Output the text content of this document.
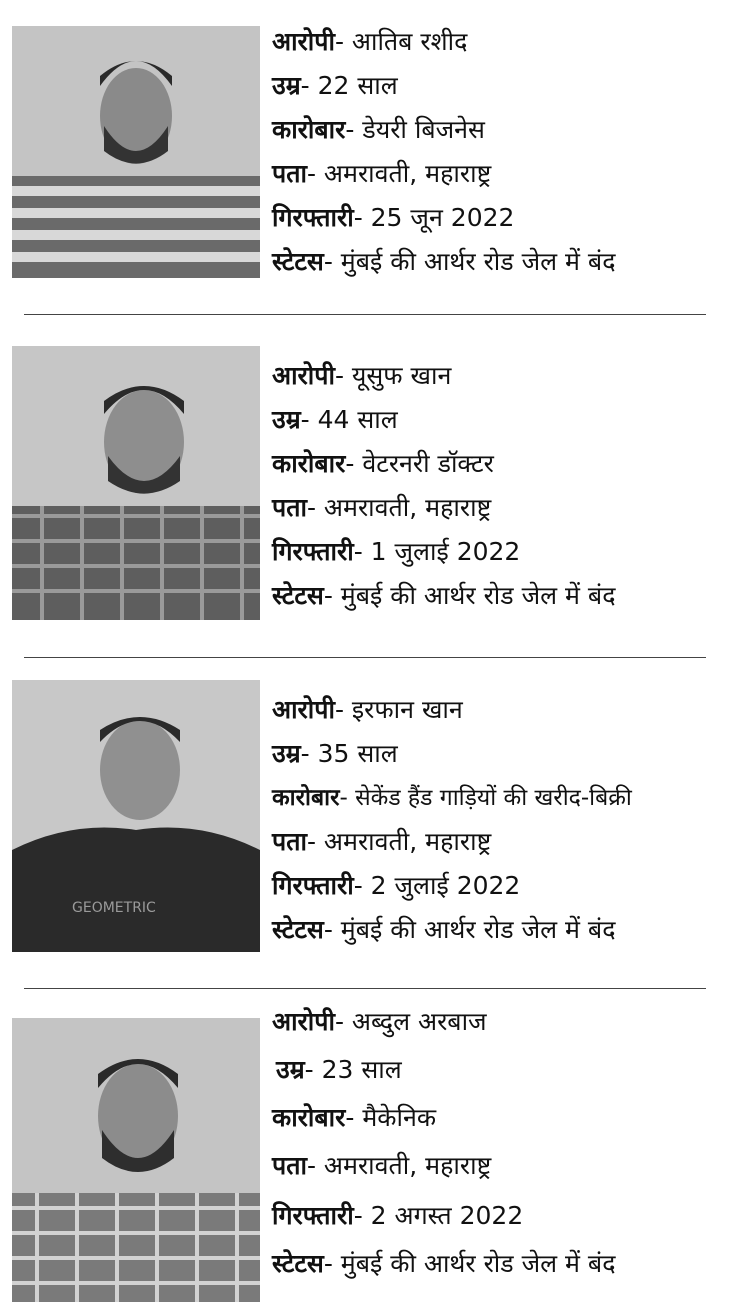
आरोपी- आतिब रशीद
उम्र- 22 साल
कारोबार- डेयरी बिजनेस
पता- अमरावती, महाराष्ट्र
गिरफ्तारी- 25 जून 2022
स्टेटस- मुंबई की आर्थर रोड जेल में बंद
आरोपी- यूसुफ खान
उम्र- 44 साल
कारोबार- वेटरनरी डॉक्टर
पता- अमरावती, महाराष्ट्र
गिरफ्तारी- 1 जुलाई 2022
स्टेटस- मुंबई की आर्थर रोड जेल में बंद
GEOMETRIC
आरोपी- इरफान खान
उम्र- 35 साल
कारोबार- सेकेंड हैंड गाड़ियों की खरीद-बिक्री
पता- अमरावती, महाराष्ट्र
गिरफ्तारी- 2 जुलाई 2022
स्टेटस- मुंबई की आर्थर रोड जेल में बंद
आरोपी- अब्दुल अरबाज
उम्र- 23 साल
कारोबार- मैकेनिक
पता- अमरावती, महाराष्ट्र
गिरफ्तारी- 2 अगस्त 2022
स्टेटस- मुंबई की आर्थर रोड जेल में बंद
